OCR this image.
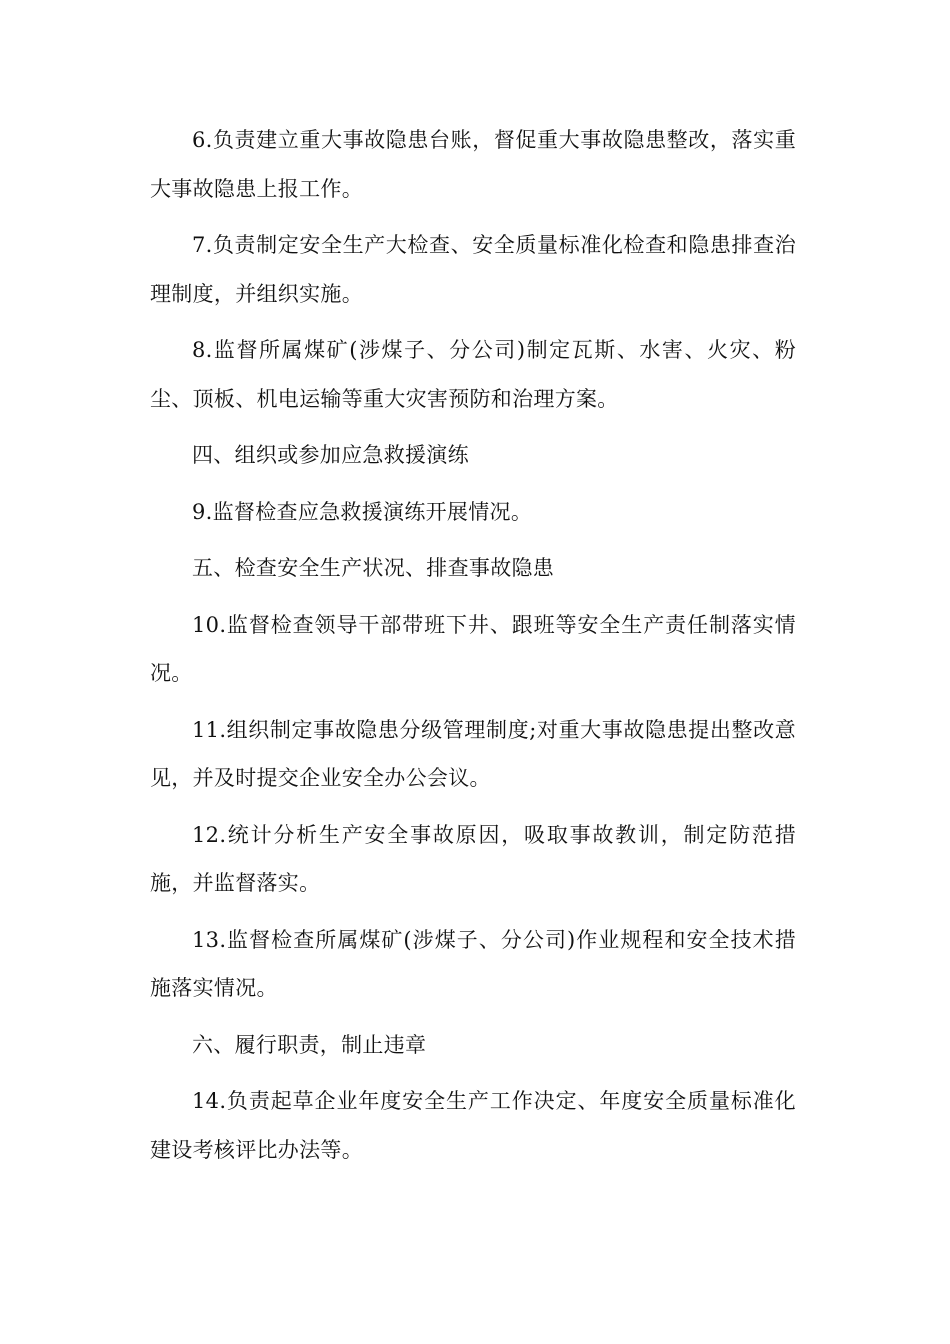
6.负责建立重大事故隐患台账，督促重大事故隐患整改，落实重大事故隐患上报工作。

7.负责制定安全生产大检查、安全质量标准化检查和隐患排查治理制度，并组织实施。

8.监督所属煤矿(涉煤子、分公司)制定瓦斯、水害、火灾、粉尘、顶板、机电运输等重大灾害预防和治理方案。

四、组织或参加应急救援演练

9.监督检查应急救援演练开展情况。

五、检查安全生产状况、排查事故隐患

10.监督检查领导干部带班下井、跟班等安全生产责任制落实情况。

11.组织制定事故隐患分级管理制度;对重大事故隐患提出整改意见，并及时提交企业安全办公会议。

12.统计分析生产安全事故原因，吸取事故教训，制定防范措施，并监督落实。

13.监督检查所属煤矿(涉煤子、分公司)作业规程和安全技术措施落实情况。

六、履行职责，制止违章

14.负责起草企业年度安全生产工作决定、年度安全质量标准化建设考核评比办法等。
